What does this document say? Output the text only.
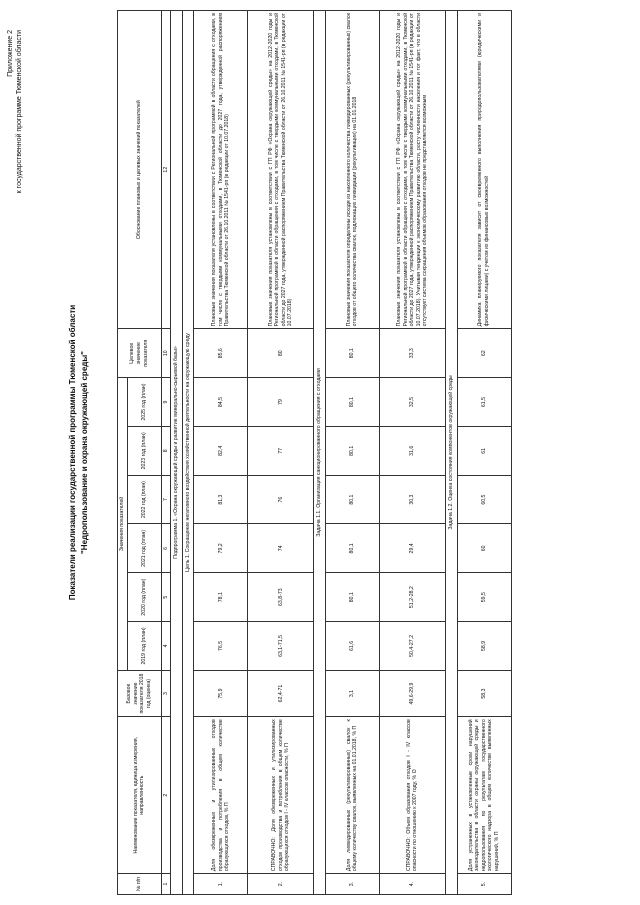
Приложение 2 к государственной программе Тюменской области
Показатели реализации государственной программы Тюменской области "Недропользование и охрана окружающей среды"
№ п/п	Наименование показателя, единица измерения, направленность	Базовое значение показателя 2018 год (оценка)	Значения показателей						Целевое значение показателя	Обоснование плановых и целевых значений показателей
			2019 год (план)	2020 год (план)	2021 год (план)	2022 год (план)	2023 год (план)	2025 год (план)		
1	2	3	4	5	6	7	8	9	10	12
Подпрограмма 1. «Охрана окружающей среды и развитие минерально-сырьевой базы»										
Цель 1. Сокращение негативного воздействия хозяйственной деятельности на окружающую среду										
1.	Доля обезвреженных и утилизированных отходов производства и потребления в общем количестве образующихся отходов, % П	75,9	76,5	78,1	79,2	81,3	82,4	84,5	85,6	Плановые значения показателя установлены в соответствии с Региональной программой в области обращения с отходами, в том числе с твердыми коммунальными отходами, в Тюменской области до 2027 года, утвержденной распоряжением Правительства Тюменской области от 26.10.2011 № 1541-рп (в редакции от 10.07.2018)
2.	СПРАВОЧНО: Доля обезвреженных и утилизированных отходов производства и потребления в общем количестве образующихся отходов I - IV классов опасности, % П	62,4-71	63,1-71,5	63,8-73	74	76	77	79	80	Плановые значения показателя установлены в соответствии с ГП РФ «Охрана окружающей среды» на 2012-2020 годы и Региональной программой в области обращения с отходами, в том числе с твердыми коммунальными отходами, в Тюменской области до 2027 года, утвержденной распоряжением Правительства Тюменской области от 26.10.2011 № 1541-рп (в редакции от 10.07.2018)
Задача 1.1. Организация санкционированного обращения с отходами										
3.	Доля ликвидированных (рекультивированных) свалок к общему количеству свалок, выявленных на 01.01.2018, % П	3,1	61,6	80,1	80,1	80,1	80,1	80,1	80,1	Плановые значения показателя определены исходя из накопленного количества ликвидированных (рекультивированных) свалок отходов от общего количества свалок, подлежащих ликвидации (рекультивации) на 01.01.2018
4.	СПРАВОЧНО: Объем образования отходов I - IV классов опасности по отношению к 2007 году, % О	49,6-29,9	50,4-27,2	51,2-28,2	29,4	30,3	31,6	32,5	33,3	Плановые значения показателя установлены в соответствии с ГП РФ «Охрана окружающей среды» на 2012-2020 годы и Региональной программой в области обращения с отходами, в том числе с твердыми коммунальными отходами, в Тюменской области до 2027 года, утвержденной распоряжением Правительства Тюменской области от 26.10.2011 № 1541-рп (в редакции от 10.07.2018). Учитывая тенденции к экономическому развитию области, росту численности населения и тот факт, что в области отсутствует система сокращения объемов образования отходов не представляется возможным
Задача 1.2. Оценка состояния компонентов окружающей среды										
5.	Доля устраненных в установленные сроки нарушений законодательства в области охраны окружающей среды и недропользования по результатам государственного экологического надзора в общем количестве выявленных нарушений, % П	58,3	58,9	59,5	60	60,5	61	61,5	62	Динамика планируемого показателя зависит от своевременного выполнения природопользователями (юридическими и физическими лицами) с учетом их финансовых возможностей
